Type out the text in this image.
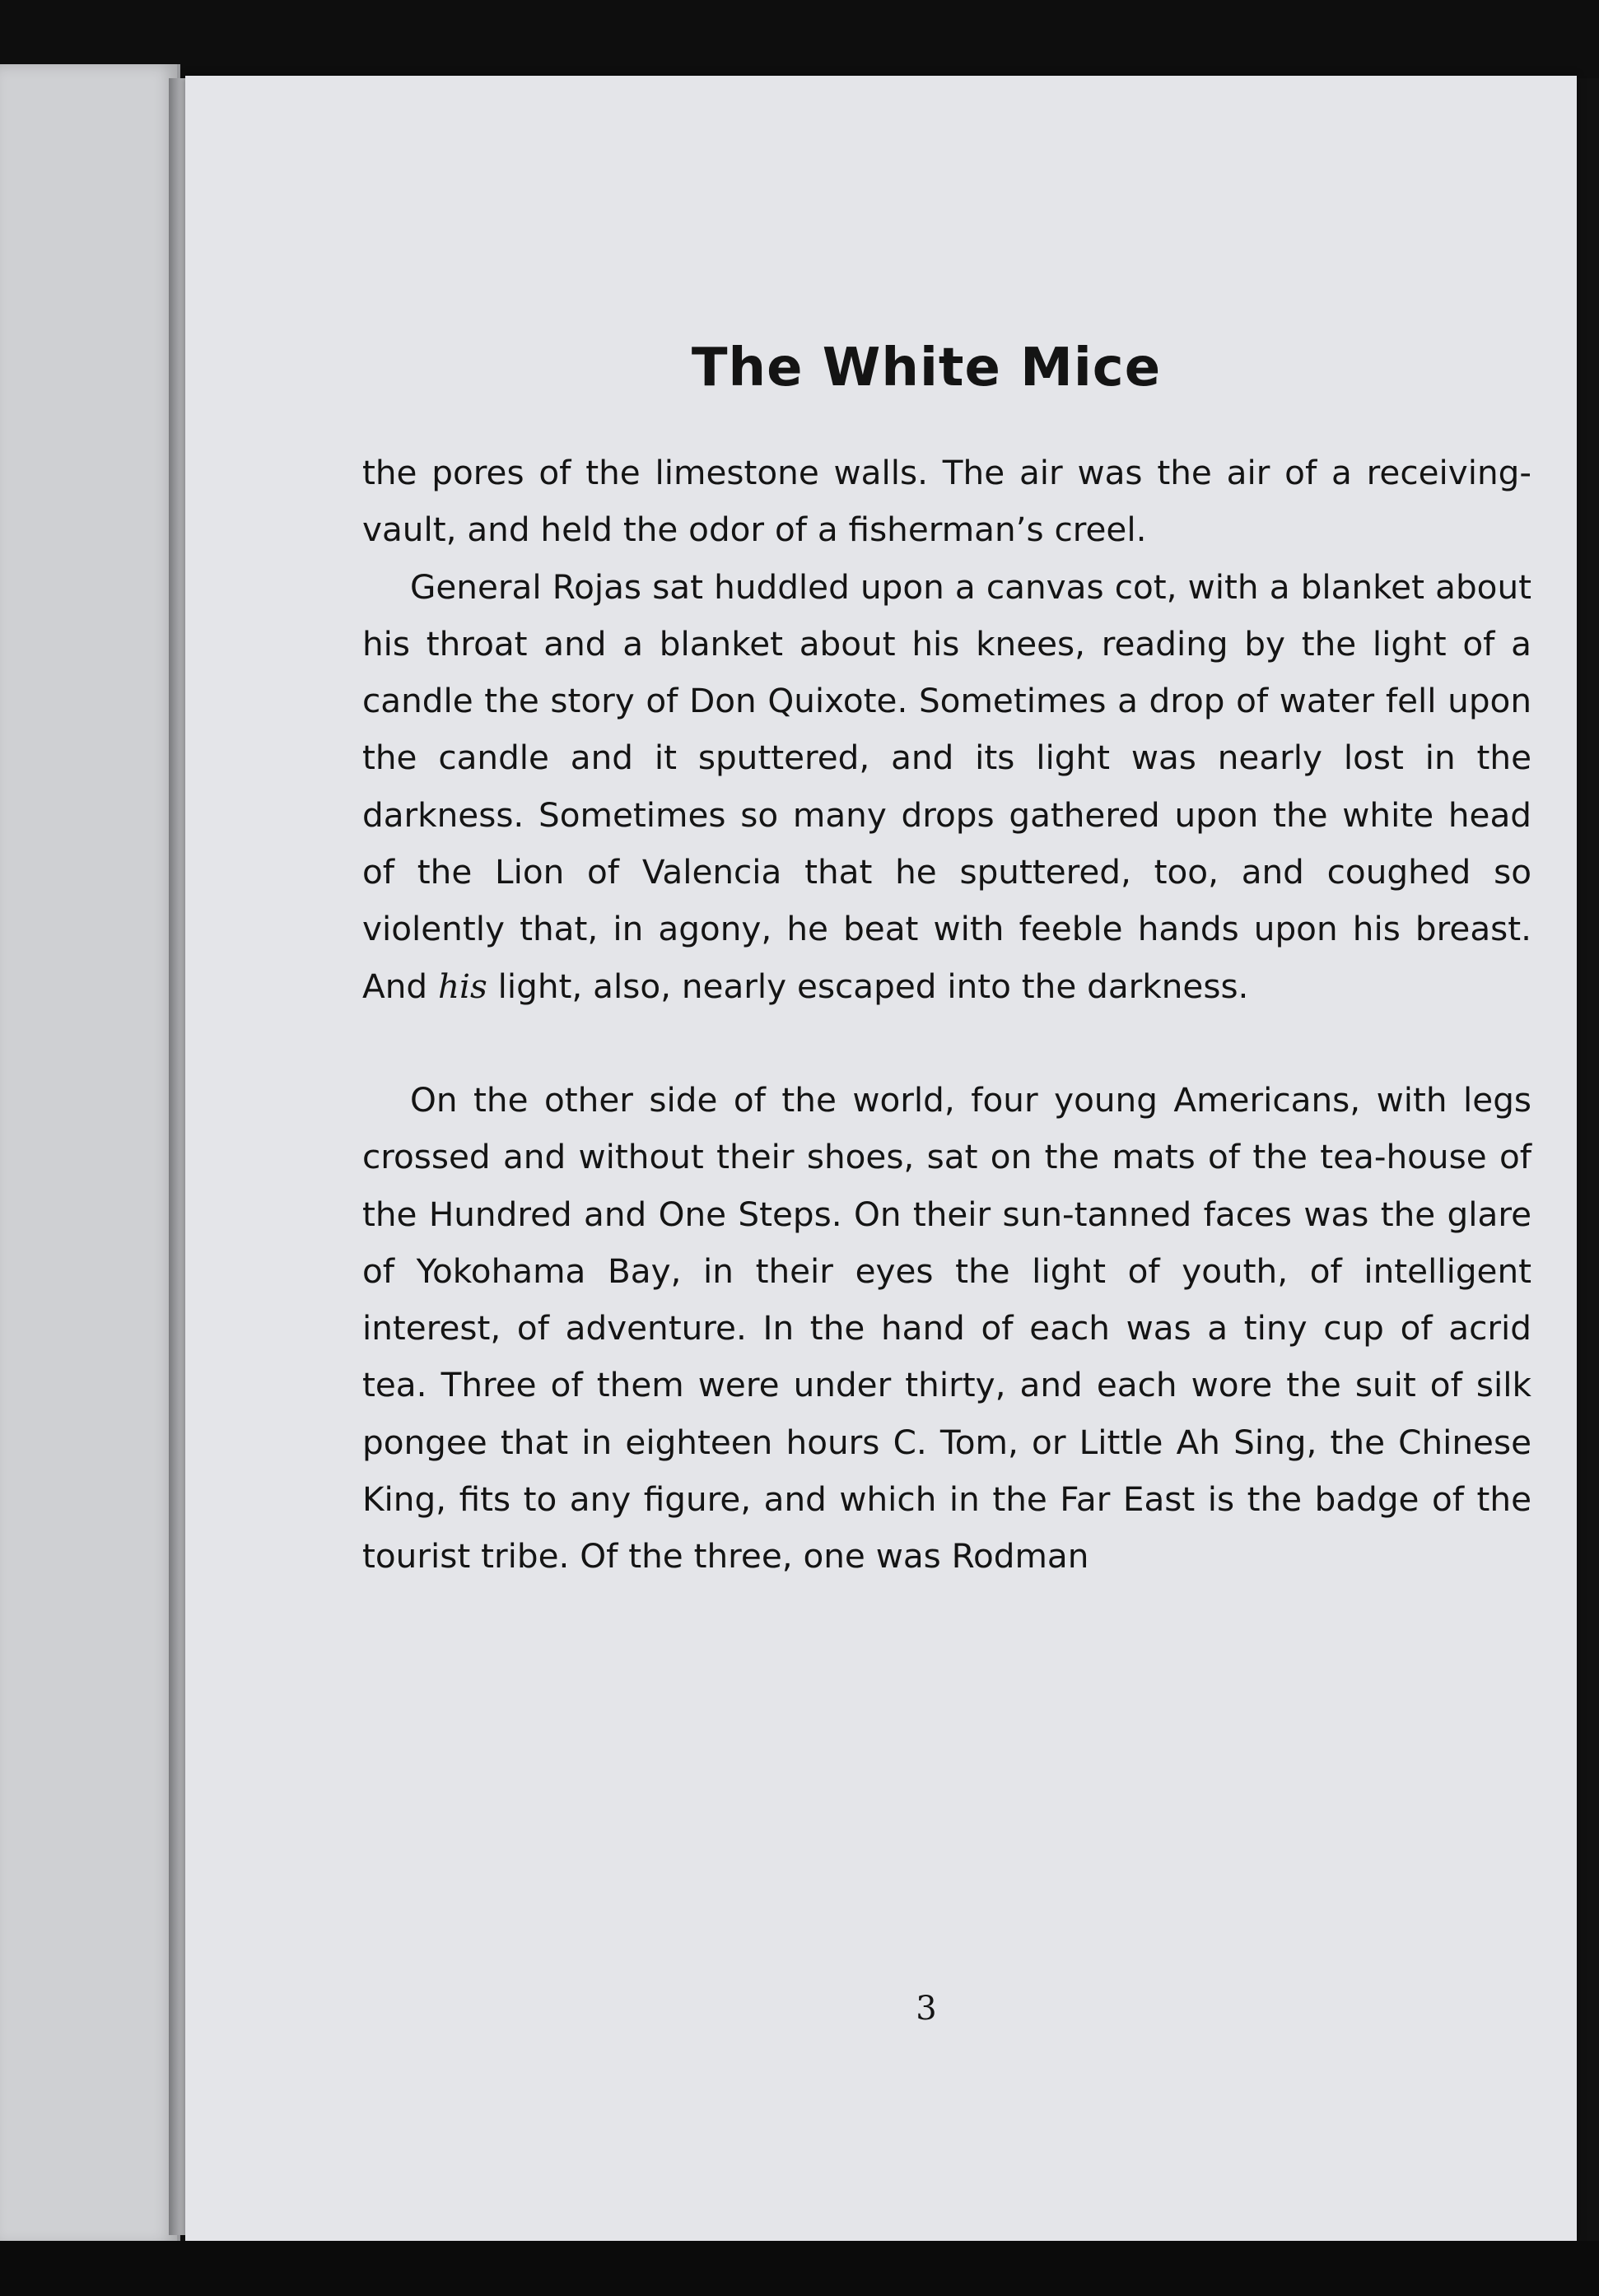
The White Mice

the pores of the limestone walls. The air was the air of a receiving-vault, and held the odor of a fisherman’s creel.

General Rojas sat huddled upon a canvas cot, with a blanket about his throat and a blanket about his knees, reading by the light of a candle the story of Don Quixote. Sometimes a drop of water fell upon the candle and it sputtered, and its light was nearly lost in the darkness. Sometimes so many drops gathered upon the white head of the Lion of Valencia that he sputtered, too, and coughed so violently that, in agony, he beat with feeble hands upon his breast. And his light, also, nearly escaped into the darkness.

On the other side of the world, four young Americans, with legs crossed and without their shoes, sat on the mats of the tea-house of the Hundred and One Steps. On their sun-tanned faces was the glare of Yokohama Bay, in their eyes the light of youth, of intelligent interest, of adventure. In the hand of each was a tiny cup of acrid tea. Three of them were under thirty, and each wore the suit of silk pongee that in eighteen hours C. Tom, or Little Ah Sing, the Chinese King, fits to any figure, and which in the Far East is the badge of the tourist tribe. Of the three, one was Rodman

3
